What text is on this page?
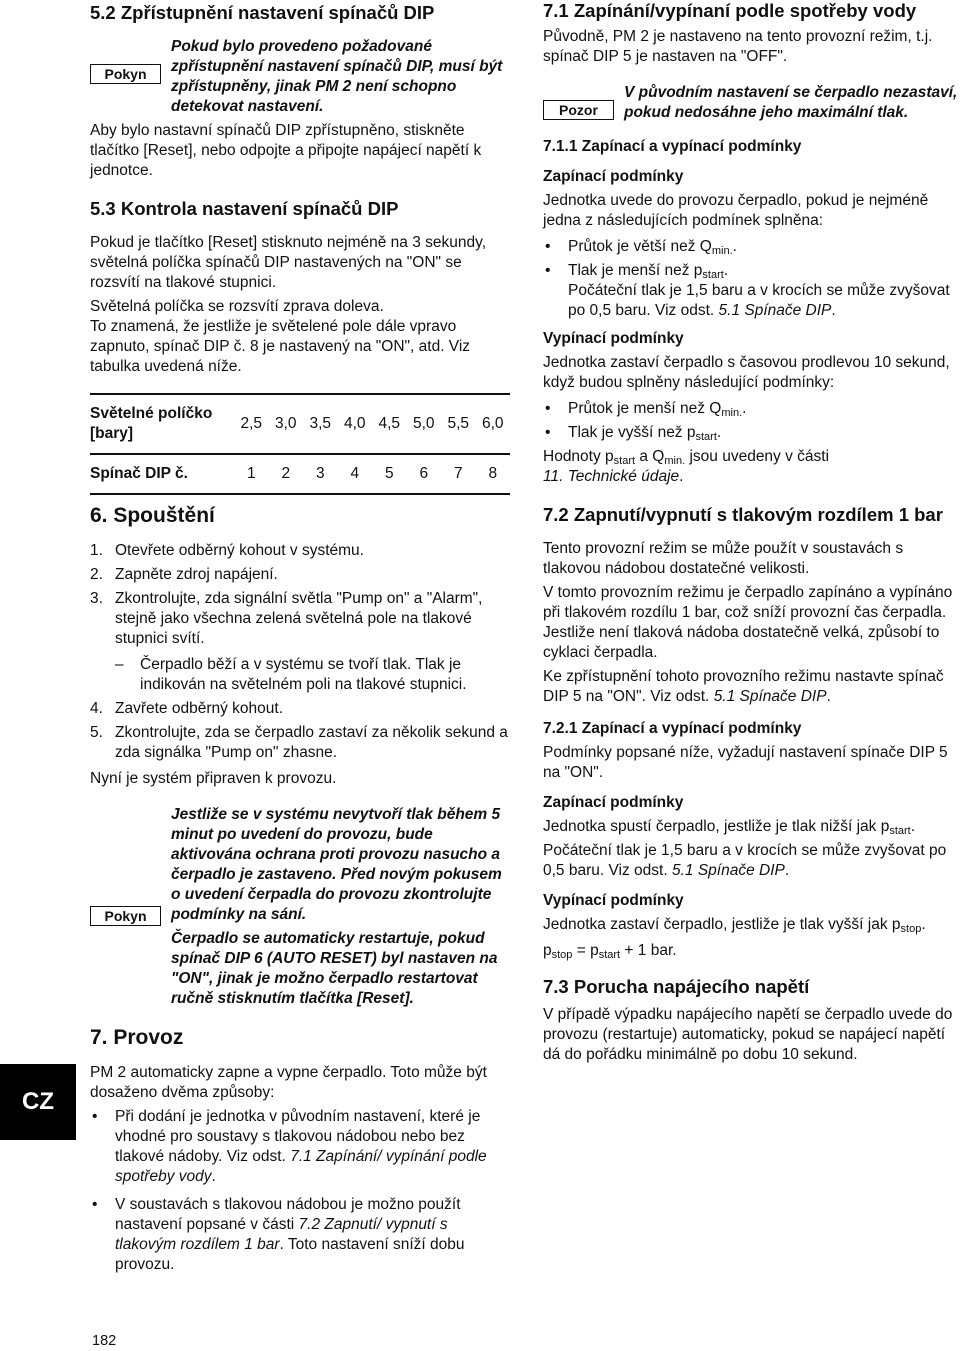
5.2 Zpřístupnění nastavení spínačů DIP
Pokyn

Pokud bylo provedeno požadované zpřístupnění nastavení spínačů DIP, musí být zpřístupněny, jinak PM 2 není schopno detekovat nastavení.

Aby bylo nastavní spínačů DIP zpřístupněno, stiskněte tlačítko [Reset], nebo odpojte a připojte napájecí napětí k jednotce.

5.3 Kontrola nastavení spínačů DIP

Pokud je tlačítko [Reset] stisknuto nejméně na 3 sekundy, světelná políčka spínačů DIP nastavených na "ON" se rozsvítí na tlakové stupnici.

Světelná políčka se rozsvítí zprava doleva.

To znamená, že jestliže je světelené pole dále vpravo zapnuto, spínač DIP č. 8 je nastavený na "ON", atd. Viz tabulka uvedená níže.

Světelné políčko [bary]	2,5	3,0	3,5	4,0	4,5	5,0	5,5	6,0
Spínač DIP č.	1	2	3	4	5	6	7	8
6. Spouštění
1. Otevřete odběrný kohout v systému.
2. Zapněte zdroj napájení.
3. Zkontrolujte, zda signální světla "Pump on" a "Alarm", stejně jako všechna zelená světelná pole na tlakové stupnici svítí.
– Čerpadlo běží a v systému se tvoří tlak. Tlak je indikován na světelném poli na tlakové stupnici.
4. Zavřete odběrný kohout.
5. Zkontrolujte, zda se čerpadlo zastaví za několik sekund a zda signálka "Pump on" zhasne.

Nyní je systém připraven k provozu.

Pokyn

Jestliže se v systému nevytvoří tlak během 5 minut po uvedení do provozu, bude aktivována ochrana proti provozu nasucho a čerpadlo je zastaveno. Před novým pokusem o uvedení čerpadla do provozu zkontrolujte podmínky na sání.

Čerpadlo se automaticky restartuje, pokud spínač DIP 6 (AUTO RESET) byl nastaven na "ON", jinak je možno čerpadlo restartovat ručně stisknutím tlačítka [Reset].

7. Provoz

PM 2 automaticky zapne a vypne čerpadlo. Toto může být dosaženo dvěma způsoby:

• Při dodání je jednotka v původním nastavení, které je vhodné pro soustavy s tlakovou nádobou nebo bez tlakové nádoby. Viz odst. 7.1 Zapínání/ vypínání podle spotřeby vody.
• V soustavách s tlakovou nádobou je možno použít nastavení popsané v části 7.2 Zapnutí/ vypnutí s tlakovým rozdílem 1 bar. Toto nastavení sníží dobu provozu.
7.1 Zapínání/vypínaní podle spotřeby vody

Původně, PM 2 je nastaveno na tento provozní režim, t.j. spínač DIP 5 je nastaven na "OFF".

Pozor

V původním nastavení se čerpadlo nezastaví, pokud nedosáhne jeho maximální tlak.

7.1.1 Zapínací a vypínací podmínky
Zapínací podmínky

Jednotka uvede do provozu čerpadlo, pokud je nejméně jedna z následujících podmínek splněna:

• Průtok je větší než $Q_{min.}$.
• Tlak je menší než $p_{start}$.
Počáteční tlak je 1,5 baru a v krocích se může zvyšovat po 0,5 baru. Viz odst. 5.1 Spínače DIP.
Vypínací podmínky

Jednotka zastaví čerpadlo s časovou prodlevou 10 sekund, když budou splněny následující podmínky:

• Průtok je menší než $Q_{min.}$.
• Tlak je vyšší než $p_{start}$.

Hodnoty $p_{start}$ a $Q_{min.}$ jsou uvedeny v části
11. Technické údaje.

7.2 Zapnutí/vypnutí s tlakovým rozdílem 1 bar

Tento provozní režim se může použít v soustavách s tlakovou nádobou dostatečné velikosti.

V tomto provozním režimu je čerpadlo zapínáno a vypínáno při tlakovém rozdílu 1 bar, což sníží provozní čas čerpadla. Jestliže není tlaková nádoba dostatečně velká, způsobí to cyklaci čerpadla.

Ke zpřístupnění tohoto provozního režimu nastavte spínač DIP 5 na "ON". Viz odst. 5.1 Spínače DIP.

7.2.1 Zapínací a vypínací podmínky

Podmínky popsané níže, vyžadují nastavení spínače DIP 5 na "ON".

Zapínací podmínky

Jednotka spustí čerpadlo, jestliže je tlak nižší jak $p_{start}$.

Počáteční tlak je 1,5 baru a v krocích se může zvyšovat po 0,5 baru. Viz odst. 5.1 Spínače DIP.

Vypínací podmínky

Jednotka zastaví čerpadlo, jestliže je tlak vyšší jak $p_{stop}$.

$p_{stop} = p_{start} + 1$ bar.

7.3 Porucha napájecího napětí

V případě výpadku napájecího napětí se čerpadlo uvede do provozu (restartuje) automaticky, pokud se napájecí napětí dá do pořádku minimálně po dobu 10 sekund.

CZ
182
